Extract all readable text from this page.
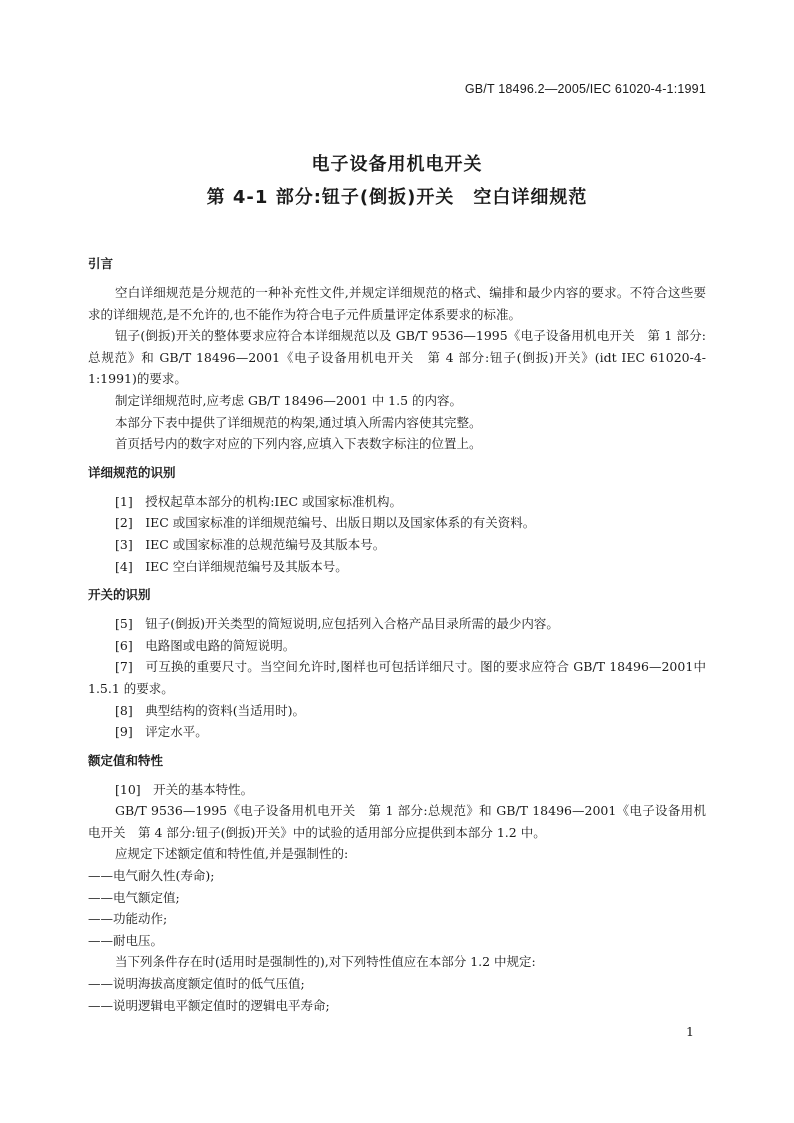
GB/T 18496.2—2005/IEC 61020-4-1:1991
电子设备用机电开关
第 4-1 部分:钮子(倒扳)开关　空白详细规范
引言

空白详细规范是分规范的一种补充性文件,并规定详细规范的格式、编排和最少内容的要求。不符合这些要求的详细规范,是不允许的,也不能作为符合电子元件质量评定体系要求的标准。

钮子(倒扳)开关的整体要求应符合本详细规范以及 GB/T 9536—1995《电子设备用机电开关　第 1 部分:总规范》和 GB/T 18496—2001《电子设备用机电开关　第 4 部分:钮子(倒扳)开关》(idt IEC 61020-4-1:1991)的要求。

制定详细规范时,应考虑 GB/T 18496—2001 中 1.5 的内容。

本部分下表中提供了详细规范的构架,通过填入所需内容使其完整。

首页括号内的数字对应的下列内容,应填入下表数字标注的位置上。

详细规范的识别

[1]　授权起草本部分的机构:IEC 或国家标准机构。

[2]　IEC 或国家标准的详细规范编号、出版日期以及国家体系的有关资料。

[3]　IEC 或国家标准的总规范编号及其版本号。

[4]　IEC 空白详细规范编号及其版本号。

开关的识别

[5]　钮子(倒扳)开关类型的简短说明,应包括列入合格产品目录所需的最少内容。

[6]　电路图或电路的简短说明。

[7]　可互换的重要尺寸。当空间允许时,图样也可包括详细尺寸。图的要求应符合 GB/T 18496—2001中 1.5.1 的要求。

[8]　典型结构的资料(当适用时)。

[9]　评定水平。

额定值和特性

[10]　开关的基本特性。

GB/T 9536—1995《电子设备用机电开关　第 1 部分:总规范》和 GB/T 18496—2001《电子设备用机电开关　第 4 部分:钮子(倒扳)开关》中的试验的适用部分应提供到本部分 1.2 中。

应规定下述额定值和特性值,并是强制性的:

——电气耐久性(寿命);

——电气额定值;

——功能动作;

——耐电压。

当下列条件存在时(适用时是强制性的),对下列特性值应在本部分 1.2 中规定:

——说明海拔高度额定值时的低气压值;

——说明逻辑电平额定值时的逻辑电平寿命;

1
